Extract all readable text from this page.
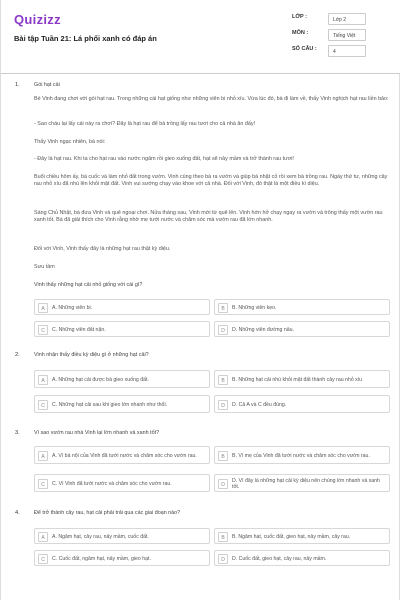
Quizizz
Bài tập Tuần 21: Lá phổi xanh có đáp án
LỚP :	Lớp 2
MÔN :	Tiếng Việt
SỐ CÂU :	4
1.	Gói hạt cải
Bé Vinh đang chơi với gói hạt rau. Trong những cái hạt giống như những viên bi nhỏ xíu. Vừa lúc đó, bà đi làm về, thấy Vinh nghịch hạt rau liền bảo:
- Sao cháu lại lấy cái này ra chơi? Đây là hạt rau để bà trồng lấy rau tươi cho cả nhà ăn đấy!
Thấy Vinh ngạc nhiên, bà nói:
- Đây là hạt rau. Khi ta cho hạt rau vào nước ngâm rồi gieo xuống đất, hạt sẽ nảy mầm và trở thành rau tươi!
Buổi chiều hôm ấy, bà cuốc và làm nhỏ đất trong vườn. Vinh cùng theo bà ra vườn và giúp bà nhặt cỏ rồi xem bà trồng rau. Ngày thứ tư, những cây rau nhỏ xíu đã nhú lên khỏi mặt đất. Vinh vui sướng chạy vào khoe với cả nhà. Đối với Vinh, đó thật là một điều kì diệu.
Sáng Chủ Nhật, bà đưa Vinh và quê ngoại chơi. Nửa tháng sau, Vinh mới từ quê lên. Vinh hớn hở chạy ngay ra vườn và trông thấy một vườn rau xanh tốt. Bà đã giải thích cho Vinh rằng nhờ mẹ tưới nước và chăm sóc mà vườn rau đã lớn nhanh.
Đối với Vinh, Vinh thấy đây là những hạt rau thật kỳ diệu.
Sưu tầm
Vinh thấy những hạt cải nhỏ giống với cái gì?
A	A. Những viên bi.	B	B. Những viên kẹo.
C	C. Những viên đất nặn.	D	D. Những viên đường nâu.
2.	Vinh nhận thấy điều kỳ diệu gì ở những hạt cải?
A	A. Những hạt cải được bà gieo xuống đất.	B	B. Những hạt cải nhú khỏi mặt đất thành cây rau nhỏ xíu
C	C. Những hạt cải sau khi gieo lớn nhanh như thổi.	D	D. Cả A và C đều đúng.
3.	Vì sao vườn rau nhà Vinh lại lớn nhanh và xanh tốt?
A	A. Vì bà nội của Vinh đã tưới nước và chăm sóc cho vườn rau.	B	B. Vì mẹ của Vinh đã tưới nước và chăm sóc cho vườn rau.
C	C. Vì Vinh đã tưới nước và chăm sóc cho vườn rau.	D
D. Vì đây là những hạt cải kỳ diệu nên chúng lớn nhanh và xanh tốt.
4.	Để trở thành cây rau, hạt cải phải trải qua các giai đoạn nào?
A	A. Ngâm hạt, cây rau, nảy mầm, cuốc đất.	B	B. Ngâm hạt, cuốc đất, gieo hạt, nảy mầm, cây rau.
C	C. Cuốc đất, ngâm hạt, nảy mầm, gieo hạt.	D	D. Cuốc đất, gieo hạt, cây rau, nảy mầm.
